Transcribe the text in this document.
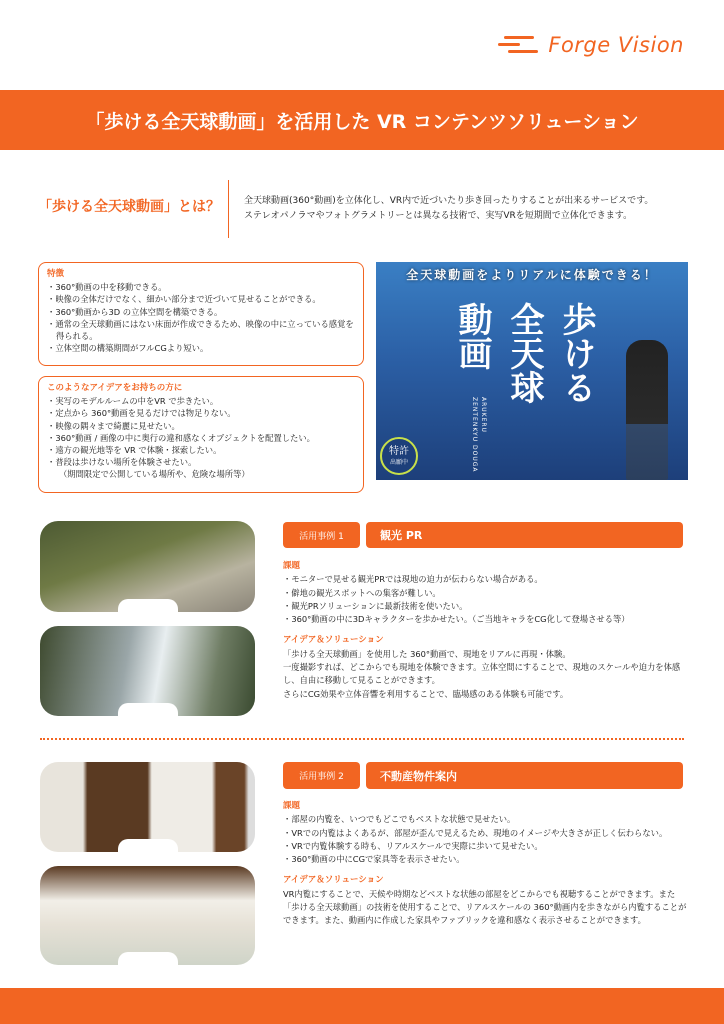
Forge Vision
「歩ける全天球動画」を活用した VR コンテンツソリューション
「歩ける全天球動画」とは？	全天球動画(360°動画)を立体化し、VR内で近づいたり歩き回ったりすることが出来るサービスです。
ステレオパノラマやフォトグラメトリーとは異なる技術で、実写VRを短期間で立体化できます。
特徴
・360°動画の中を移動できる。
・映像の全体だけでなく、細かい部分まで近づいて見せることができる。
・360°動画から3D の立体空間を構築できる。
・通常の全天球動画にはない床面が作成できるため、映像の中に立っている感覚を得られる。
・立体空間の構築期間がフルCGより短い。
このようなアイデアをお持ちの方に
・実写のモデルルームの中をVR で歩きたい。
・定点から 360°動画を見るだけでは物足りない。
・映像の隅々まで綺麗に見せたい。
・360°動画 / 画像の中に奥行の違和感なくオブジェクトを配置したい。
・遠方の観光地等を VR で体験・探索したい。
・普段は歩けない場所を体験させたい。
（期間限定で公開している場所や、危険な場所等）
全天球動画をよりリアルに体験できる！
歩ける
全天球
動画
ARUKERU ZENTENKYU DOUGA
特許
出願中
活用事例 1	観光 PR
課題
・モニターで見せる観光PRでは現地の迫力が伝わらない場合がある。
・僻地の観光スポットへの集客が難しい。
・観光PRソリューションに最新技術を使いたい。
・360°動画の中に3Dキャラクターを歩かせたい。（ご当地キャラをCG化して登場させる等）
アイデア＆ソリューション

「歩ける全天球動画」を使用した 360°動画で、現地をリアルに再現・体験。

一度撮影すれば、どこからでも現地を体験できます。立体空間にすることで、現地のスケールや迫力を体感し、自由に移動して見ることができます。

さらにCG効果や立体音響を利用することで、臨場感のある体験も可能です。

活用事例 2	不動産物件案内
課題
・部屋の内覧を、いつでもどこでもベストな状態で見せたい。
・VRでの内覧はよくあるが、部屋が歪んで見えるため、現地のイメージや大きさが正しく伝わらない。
・VRで内覧体験する時も、リアルスケールで実際に歩いて見せたい。
・360°動画の中にCGで家具等を表示させたい。
アイデア＆ソリューション

VR内覧にすることで、天候や時期などベストな状態の部屋をどこからでも視聴することができます。また「歩ける全天球動画」の技術を使用することで、リアルスケールの 360°動画内を歩きながら内覧することができます。また、動画内に作成した家具やファブリックを違和感なく表示させることができます。
